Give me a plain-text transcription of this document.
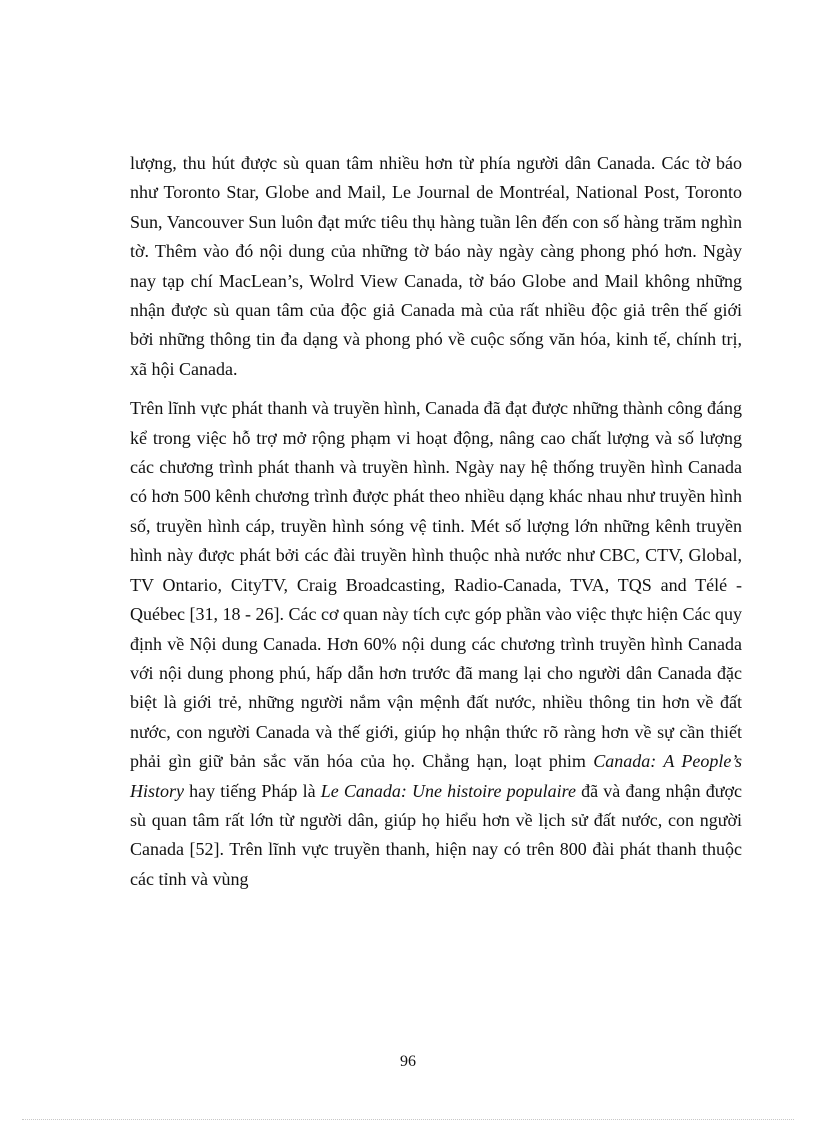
lượng, thu hút được sù quan tâm nhiều hơn từ phía người dân Canada. Các tờ báo như Toronto Star, Globe and Mail, Le Journal de Montréal, National Post, Toronto Sun, Vancouver Sun luôn đạt mức tiêu thụ hàng tuần lên đến con số hàng trăm nghìn tờ. Thêm vào đó nội dung của những tờ báo này ngày càng phong phó hơn. Ngày nay tạp chí MacLean’s, Wolrd View Canada, tờ báo Globe and Mail không những nhận được sù quan tâm của độc giả Canada mà của rất nhiều độc giả trên thế giới bởi những thông tin đa dạng và phong phó về cuộc sống văn hóa, kinh tế, chính trị, xã hội Canada.

Trên lĩnh vực phát thanh và truyền hình, Canada đã đạt được những thành công đáng kể trong việc hỗ trợ mở rộng phạm vi hoạt động, nâng cao chất lượng và số lượng các chương trình phát thanh và truyền hình. Ngày nay hệ thống truyền hình Canada có hơn 500 kênh chương trình được phát theo nhiều dạng khác nhau như truyền hình số, truyền hình cáp, truyền hình sóng vệ tinh. Mét số lượng lớn những kênh truyền hình này được phát bởi các đài truyền hình thuộc nhà nước như CBC, CTV, Global, TV Ontario, CityTV, Craig Broadcasting, Radio-Canada, TVA, TQS and Télé - Québec [31, 18 - 26]. Các cơ quan này tích cực góp phần vào việc thực hiện Các quy định về Nội dung Canada. Hơn 60% nội dung các chương trình truyền hình Canada với nội dung phong phú, hấp dẫn hơn trước đã mang lại cho người dân Canada đặc biệt là giới trẻ, những người nắm vận mệnh đất nước, nhiều thông tin hơn về đất nước, con người Canada và thế giới, giúp họ nhận thức rõ ràng hơn về sự cần thiết phải gìn giữ bản sắc văn hóa của họ. Chẳng hạn, loạt phim Canada: A People’s History hay tiếng Pháp là Le Canada: Une histoire populaire đã và đang nhận được sù quan tâm rất lớn từ người dân, giúp họ hiểu hơn về lịch sử đất nước, con người Canada [52]. Trên lĩnh vực truyền thanh, hiện nay có trên 800 đài phát thanh thuộc các tỉnh và vùng

96
